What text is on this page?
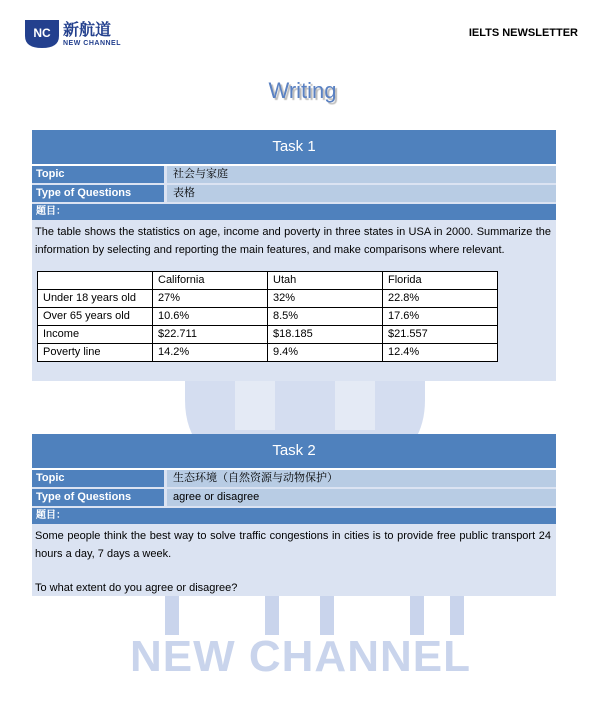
NEW CHANNEL
NC 新航道
NEW CHANNEL
IELTS NEWSLETTER
Writing
Task 1
Topic	社会与家庭
Type of Questions	表格
题目：
The table shows the statistics on age, income and poverty in three states in USA in 2000. Summarize the information by selecting and reporting the main features, and make comparisons where relevant.
	California	Utah	Florida
Under 18 years old	27%	32%	22.8%
Over 65 years old	10.6%	8.5%	17.6%
Income	$22.711	$18.185	$21.557
Poverty line	14.2%	9.4%	12.4%
Task 2
Topic	生态环境（自然资源与动物保护）
Type of Questions	agree or disagree
题目：
Some people think the best way to solve traffic congestions in cities is to provide free public transport 24 hours a day, 7 days a week.
To what extent do you agree or disagree?
